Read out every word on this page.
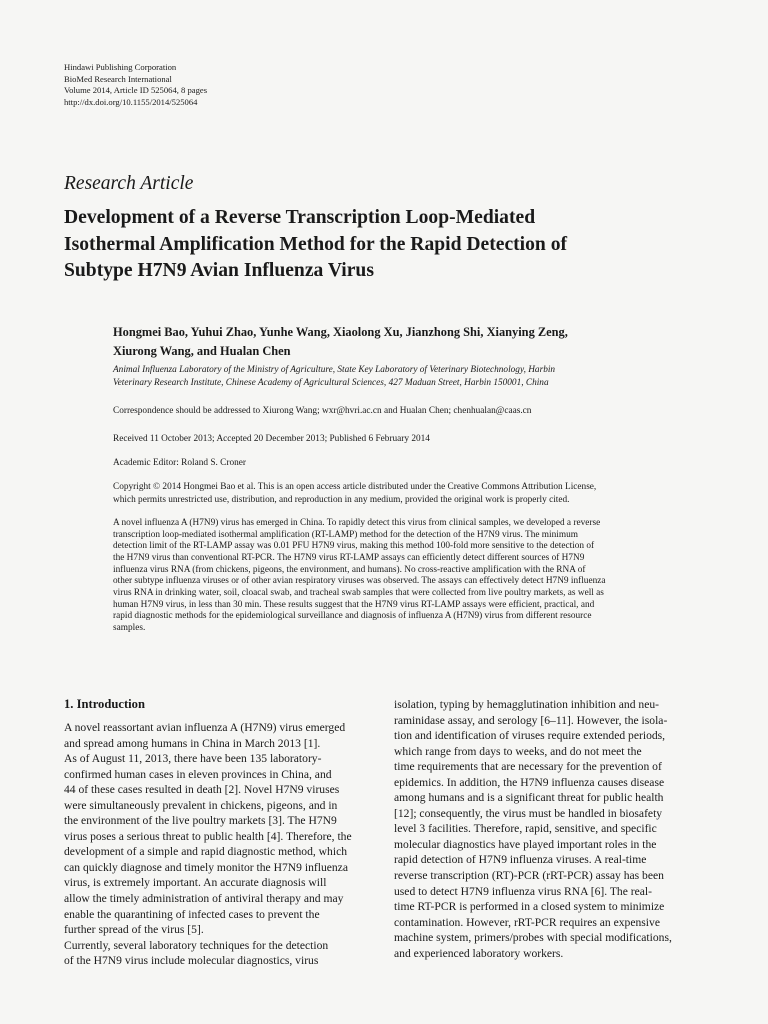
Hindawi Publishing Corporation
BioMed Research International
Volume 2014, Article ID 525064, 8 pages
http://dx.doi.org/10.1155/2014/525064
Research Article
Development of a Reverse Transcription Loop-Mediated
Isothermal Amplification Method for the Rapid Detection of
Subtype H7N9 Avian Influenza Virus
Hongmei Bao, Yuhui Zhao, Yunhe Wang, Xiaolong Xu, Jianzhong Shi, Xianying Zeng,
Xiurong Wang, and Hualan Chen
Animal Influenza Laboratory of the Ministry of Agriculture, State Key Laboratory of Veterinary Biotechnology, Harbin
Veterinary Research Institute, Chinese Academy of Agricultural Sciences, 427 Maduan Street, Harbin 150001, China
Correspondence should be addressed to Xiurong Wang; wxr@hvri.ac.cn and Hualan Chen; chenhualan@caas.cn
Received 11 October 2013; Accepted 20 December 2013; Published 6 February 2014
Academic Editor: Roland S. Croner
Copyright © 2014 Hongmei Bao et al. This is an open access article distributed under the Creative Commons Attribution License,
which permits unrestricted use, distribution, and reproduction in any medium, provided the original work is properly cited.
A novel influenza A (H7N9) virus has emerged in China. To rapidly detect this virus from clinical samples, we developed a reverse
transcription loop-mediated isothermal amplification (RT-LAMP) method for the detection of the H7N9 virus. The minimum
detection limit of the RT-LAMP assay was 0.01 PFU H7N9 virus, making this method 100-fold more sensitive to the detection of
the H7N9 virus than conventional RT-PCR. The H7N9 virus RT-LAMP assays can efficiently detect different sources of H7N9
influenza virus RNA (from chickens, pigeons, the environment, and humans). No cross-reactive amplification with the RNA of
other subtype influenza viruses or of other avian respiratory viruses was observed. The assays can effectively detect H7N9 influenza
virus RNA in drinking water, soil, cloacal swab, and tracheal swab samples that were collected from live poultry markets, as well as
human H7N9 virus, in less than 30 min. These results suggest that the H7N9 virus RT-LAMP assays were efficient, practical, and
rapid diagnostic methods for the epidemiological surveillance and diagnosis of influenza A (H7N9) virus from different resource
samples.
1. Introduction
A novel reassortant avian influenza A (H7N9) virus emerged
and spread among humans in China in March 2013 [1].
As of August 11, 2013, there have been 135 laboratory-
confirmed human cases in eleven provinces in China, and
44 of these cases resulted in death [2]. Novel H7N9 viruses
were simultaneously prevalent in chickens, pigeons, and in
the environment of the live poultry markets [3]. The H7N9
virus poses a serious threat to public health [4]. Therefore, the
development of a simple and rapid diagnostic method, which
can quickly diagnose and timely monitor the H7N9 influenza
virus, is extremely important. An accurate diagnosis will
allow the timely administration of antiviral therapy and may
enable the quarantining of infected cases to prevent the
further spread of the virus [5].
Currently, several laboratory techniques for the detection
of the H7N9 virus include molecular diagnostics, virus
isolation, typing by hemagglutination inhibition and neu-
raminidase assay, and serology [6–11]. However, the isola-
tion and identification of viruses require extended periods,
which range from days to weeks, and do not meet the
time requirements that are necessary for the prevention of
epidemics. In addition, the H7N9 influenza causes disease
among humans and is a significant threat for public health
[12]; consequently, the virus must be handled in biosafety
level 3 facilities. Therefore, rapid, sensitive, and specific
molecular diagnostics have played important roles in the
rapid detection of H7N9 influenza viruses. A real-time
reverse transcription (RT)-PCR (rRT-PCR) assay has been
used to detect H7N9 influenza virus RNA [6]. The real-
time RT-PCR is performed in a closed system to minimize
contamination. However, rRT-PCR requires an expensive
machine system, primers/probes with special modifications,
and experienced laboratory workers.
